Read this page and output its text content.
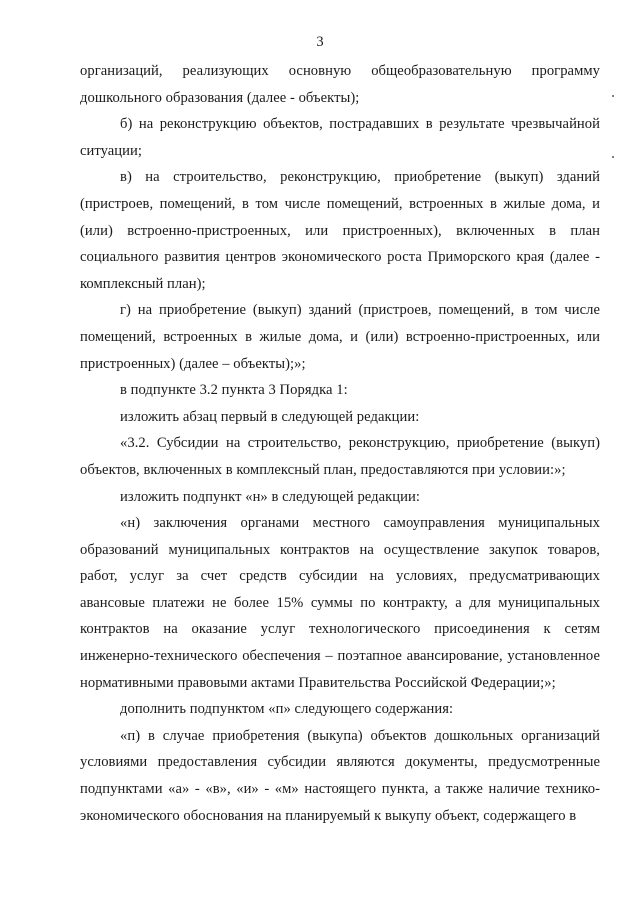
3

организаций, реализующих основную общеобразовательную программу дошкольного образования (далее - объекты);

б) на реконструкцию объектов, пострадавших в результате чрезвычайной ситуации;

в) на строительство, реконструкцию, приобретение (выкуп) зданий (пристроев, помещений, в том числе помещений, встроенных в жилые дома, и (или) встроенно-пристроенных, или пристроенных), включенных в план социального развития центров экономического роста Приморского края (далее - комплексный план);

г) на приобретение (выкуп) зданий (пристроев, помещений, в том числе помещений, встроенных в жилые дома, и (или) встроенно-пристроенных, или пристроенных) (далее – объекты);»;

в подпункте 3.2 пункта 3 Порядка 1:

изложить абзац первый в следующей редакции:

«3.2. Субсидии на строительство, реконструкцию, приобретение (выкуп) объектов, включенных в комплексный план, предоставляются при условии:»;

изложить подпункт «н» в следующей редакции:

«н) заключения органами местного самоуправления муниципальных образований муниципальных контрактов на осуществление закупок товаров, работ, услуг за счет средств субсидии на условиях, предусматривающих авансовые платежи не более 15% суммы по контракту, а для муниципальных контрактов на оказание услуг технологического присоединения к сетям инженерно-технического обеспечения – поэтапное авансирование, установленное нормативными правовыми актами Правительства Российской Федерации;»;

дополнить подпунктом «п» следующего содержания:

«п) в случае приобретения (выкупа) объектов дошкольных организаций условиями предоставления субсидии являются документы, предусмотренные подпунктами «а» - «в», «и» - «м» настоящего пункта, а также наличие технико-экономического обоснования на планируемый к выкупу объект, содержащего в
